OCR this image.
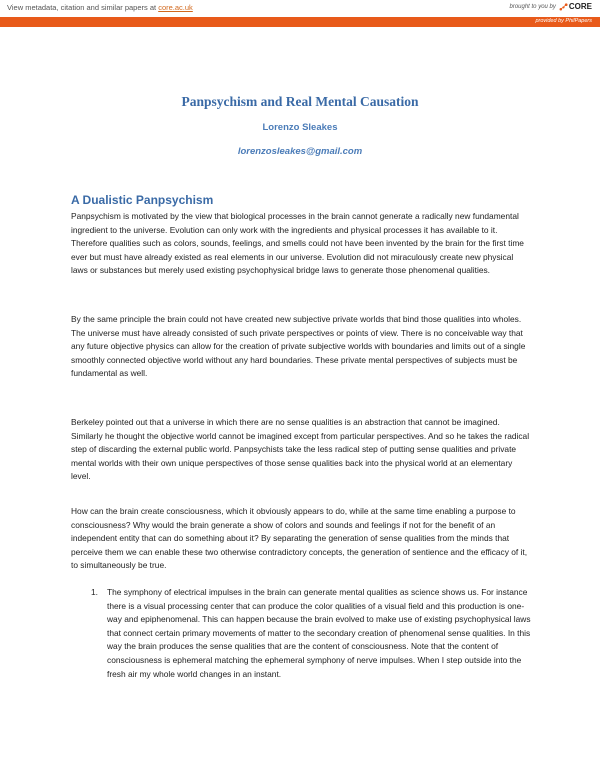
View metadata, citation and similar papers at core.ac.uk	brought to you by CORE
provided by PhilPapers
Panpsychism and Real Mental Causation
Lorenzo Sleakes
lorenzosleakes@gmail.com
A Dualistic Panpsychism

Panpsychism is motivated by the view that biological processes in the brain cannot generate a radically new fundamental ingredient to the universe. Evolution can only work with the ingredients and physical processes it has available to it. Therefore qualities such as colors, sounds, feelings, and smells could not have been invented by the brain for the first time ever but must have already existed as real elements in our universe. Evolution did not miraculously create new physical laws or substances but merely used existing psychophysical bridge laws to generate those phenomenal qualities.

By the same principle the brain could not have created new subjective private worlds that bind those qualities into wholes. The universe must have already consisted of such private perspectives or points of view. There is no conceivable way that any future objective physics can allow for the creation of private subjective worlds with boundaries and limits out of a single smoothly connected objective world without any hard boundaries. These private mental perspectives of subjects must be fundamental as well.

Berkeley pointed out that a universe in which there are no sense qualities is an abstraction that cannot be imagined. Similarly he thought the objective world cannot be imagined except from particular perspectives. And so he takes the radical step of discarding the external public world. Panpsychists take the less radical step of putting sense qualities and private mental worlds with their own unique perspectives of those sense qualities back into the physical world at an elementary level.

How can the brain create consciousness, which it obviously appears to do, while at the same time enabling a purpose to consciousness? Why would the brain generate a show of colors and sounds and feelings if not for the benefit of an independent entity that can do something about it? By separating the generation of sense qualities from the minds that perceive them we can enable these two otherwise contradictory concepts, the generation of sentience and the efficacy of it, to simultaneously be true.

1. The symphony of electrical impulses in the brain can generate mental qualities as science shows us. For instance there is a visual processing center that can produce the color qualities of a visual field and this production is one-way and epiphenomenal. This can happen because the brain evolved to make use of existing psychophysical laws that connect certain primary movements of matter to the secondary creation of phenomenal sense qualities. In this way the brain produces the sense qualities that are the content of consciousness. Note that the content of consciousness is ephemeral matching the ephemeral symphony of nerve impulses. When I step outside into the fresh air my whole world changes in an instant.
